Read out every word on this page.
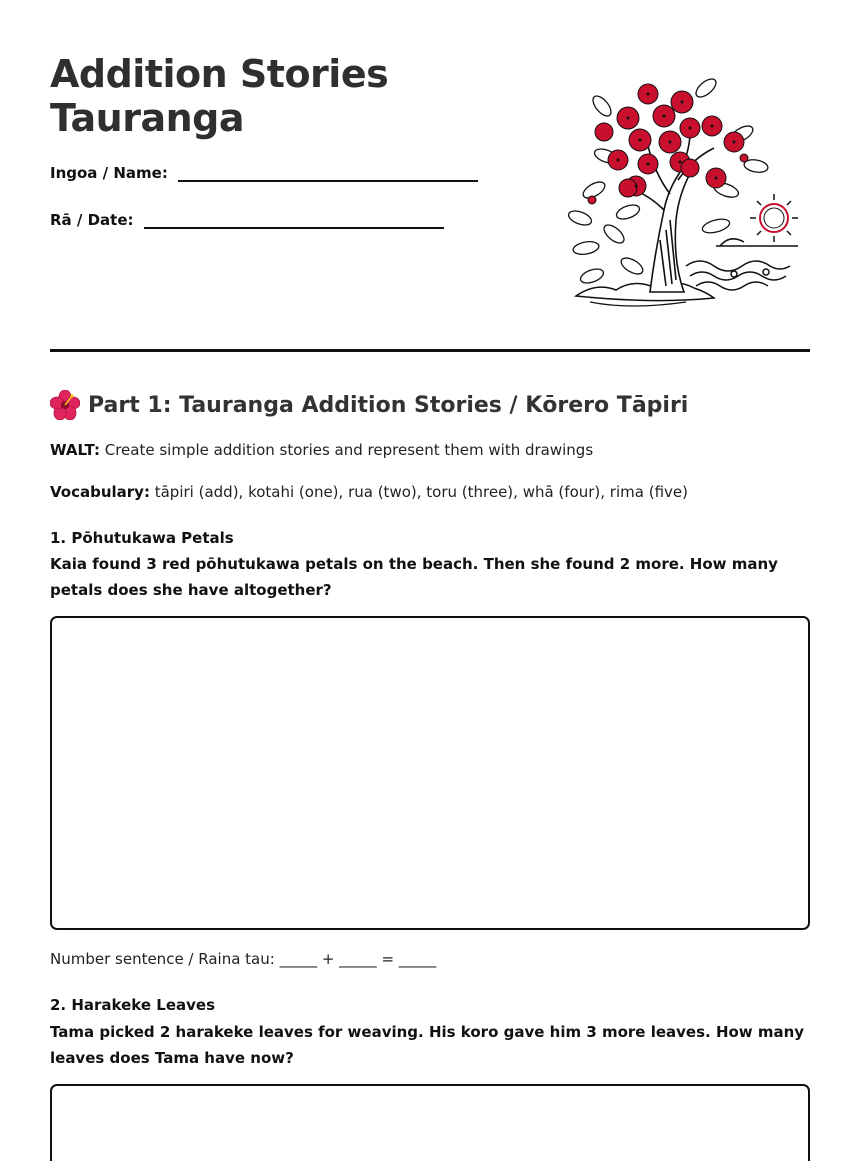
Addition Stories
Tauranga
Ingoa / Name:
Rā / Date:
Part 1: Tauranga Addition Stories / Kōrero Tāpiri
WALT: Create simple addition stories and represent them with drawings
Vocabulary: tāpiri (add), kotahi (one), rua (two), toru (three), whā (four), rima (five)
1. Pōhutukawa Petals
Kaia found 3 red pōhutukawa petals on the beach. Then she found 2 more. How many petals does she have altogether?
Number sentence / Raina tau: _____ + _____ = _____
2. Harakeke Leaves
Tama picked 2 harakeke leaves for weaving. His koro gave him 3 more leaves. How many leaves does Tama have now?
